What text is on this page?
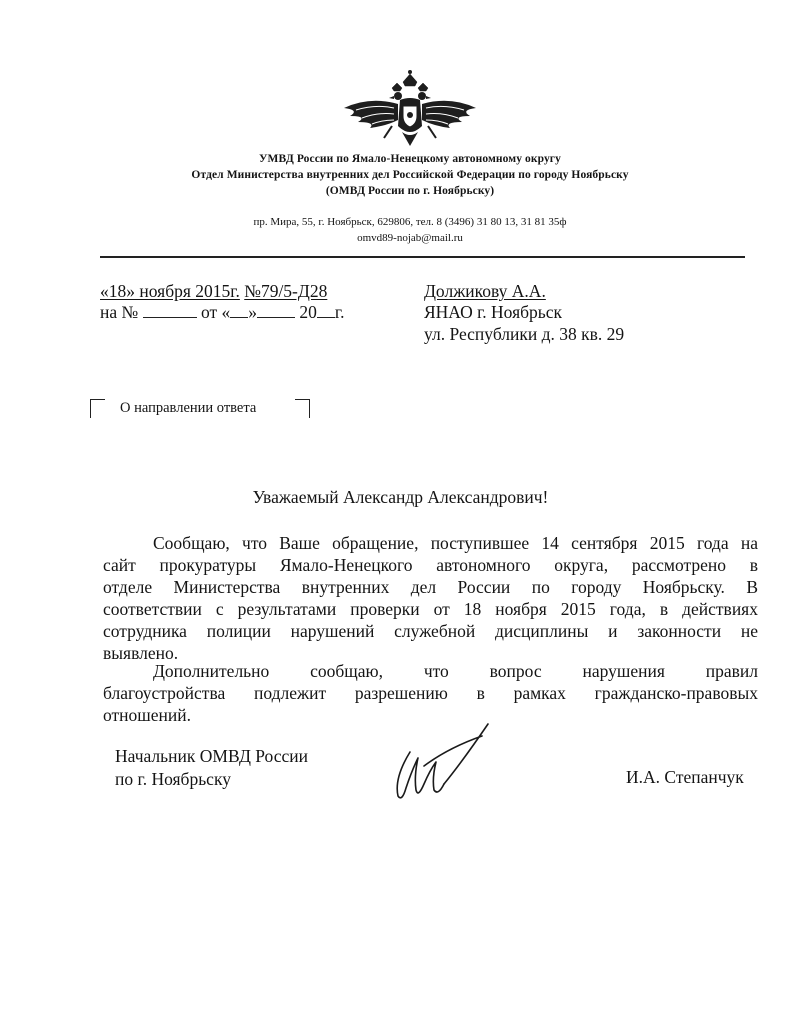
УМВД России по Ямало-Ненецкому автономному округу
Отдел Министерства внутренних дел Российской Федерации по городу Ноябрьску
(ОМВД России по г. Ноябрьску)
пр. Мира, 55, г. Ноябрьск, 629806, тел. 8 (3496) 31 80 13, 31 81 35ф
omvd89-nojab@mail.ru
«18» ноября 2015г. №79/5-Д28
на №	от « » 20 г.
Должикову А.А.
ЯНАО г. Ноябрьск
ул. Республики д. 38 кв. 29
О направлении ответа
Уважаемый Александр Александрович!
Сообщаю, что Ваше обращение, поступившее 14 сентября 2015 года на
сайт прокуратуры Ямало-Ненецкого автономного округа, рассмотрено в
отделе Министерства внутренних дел России по городу Ноябрьску. В
соответствии с результатами проверки от 18 ноября 2015 года, в действиях
сотрудника полиции нарушений служебной дисциплины и законности не
выявлено.
Дополнительно сообщаю, что вопрос нарушения правил
благоустройства подлежит разрешению в рамках гражданско-правовых
отношений.
Начальник ОМВД России
по г. Ноябрьску	И.А. Степанчук
